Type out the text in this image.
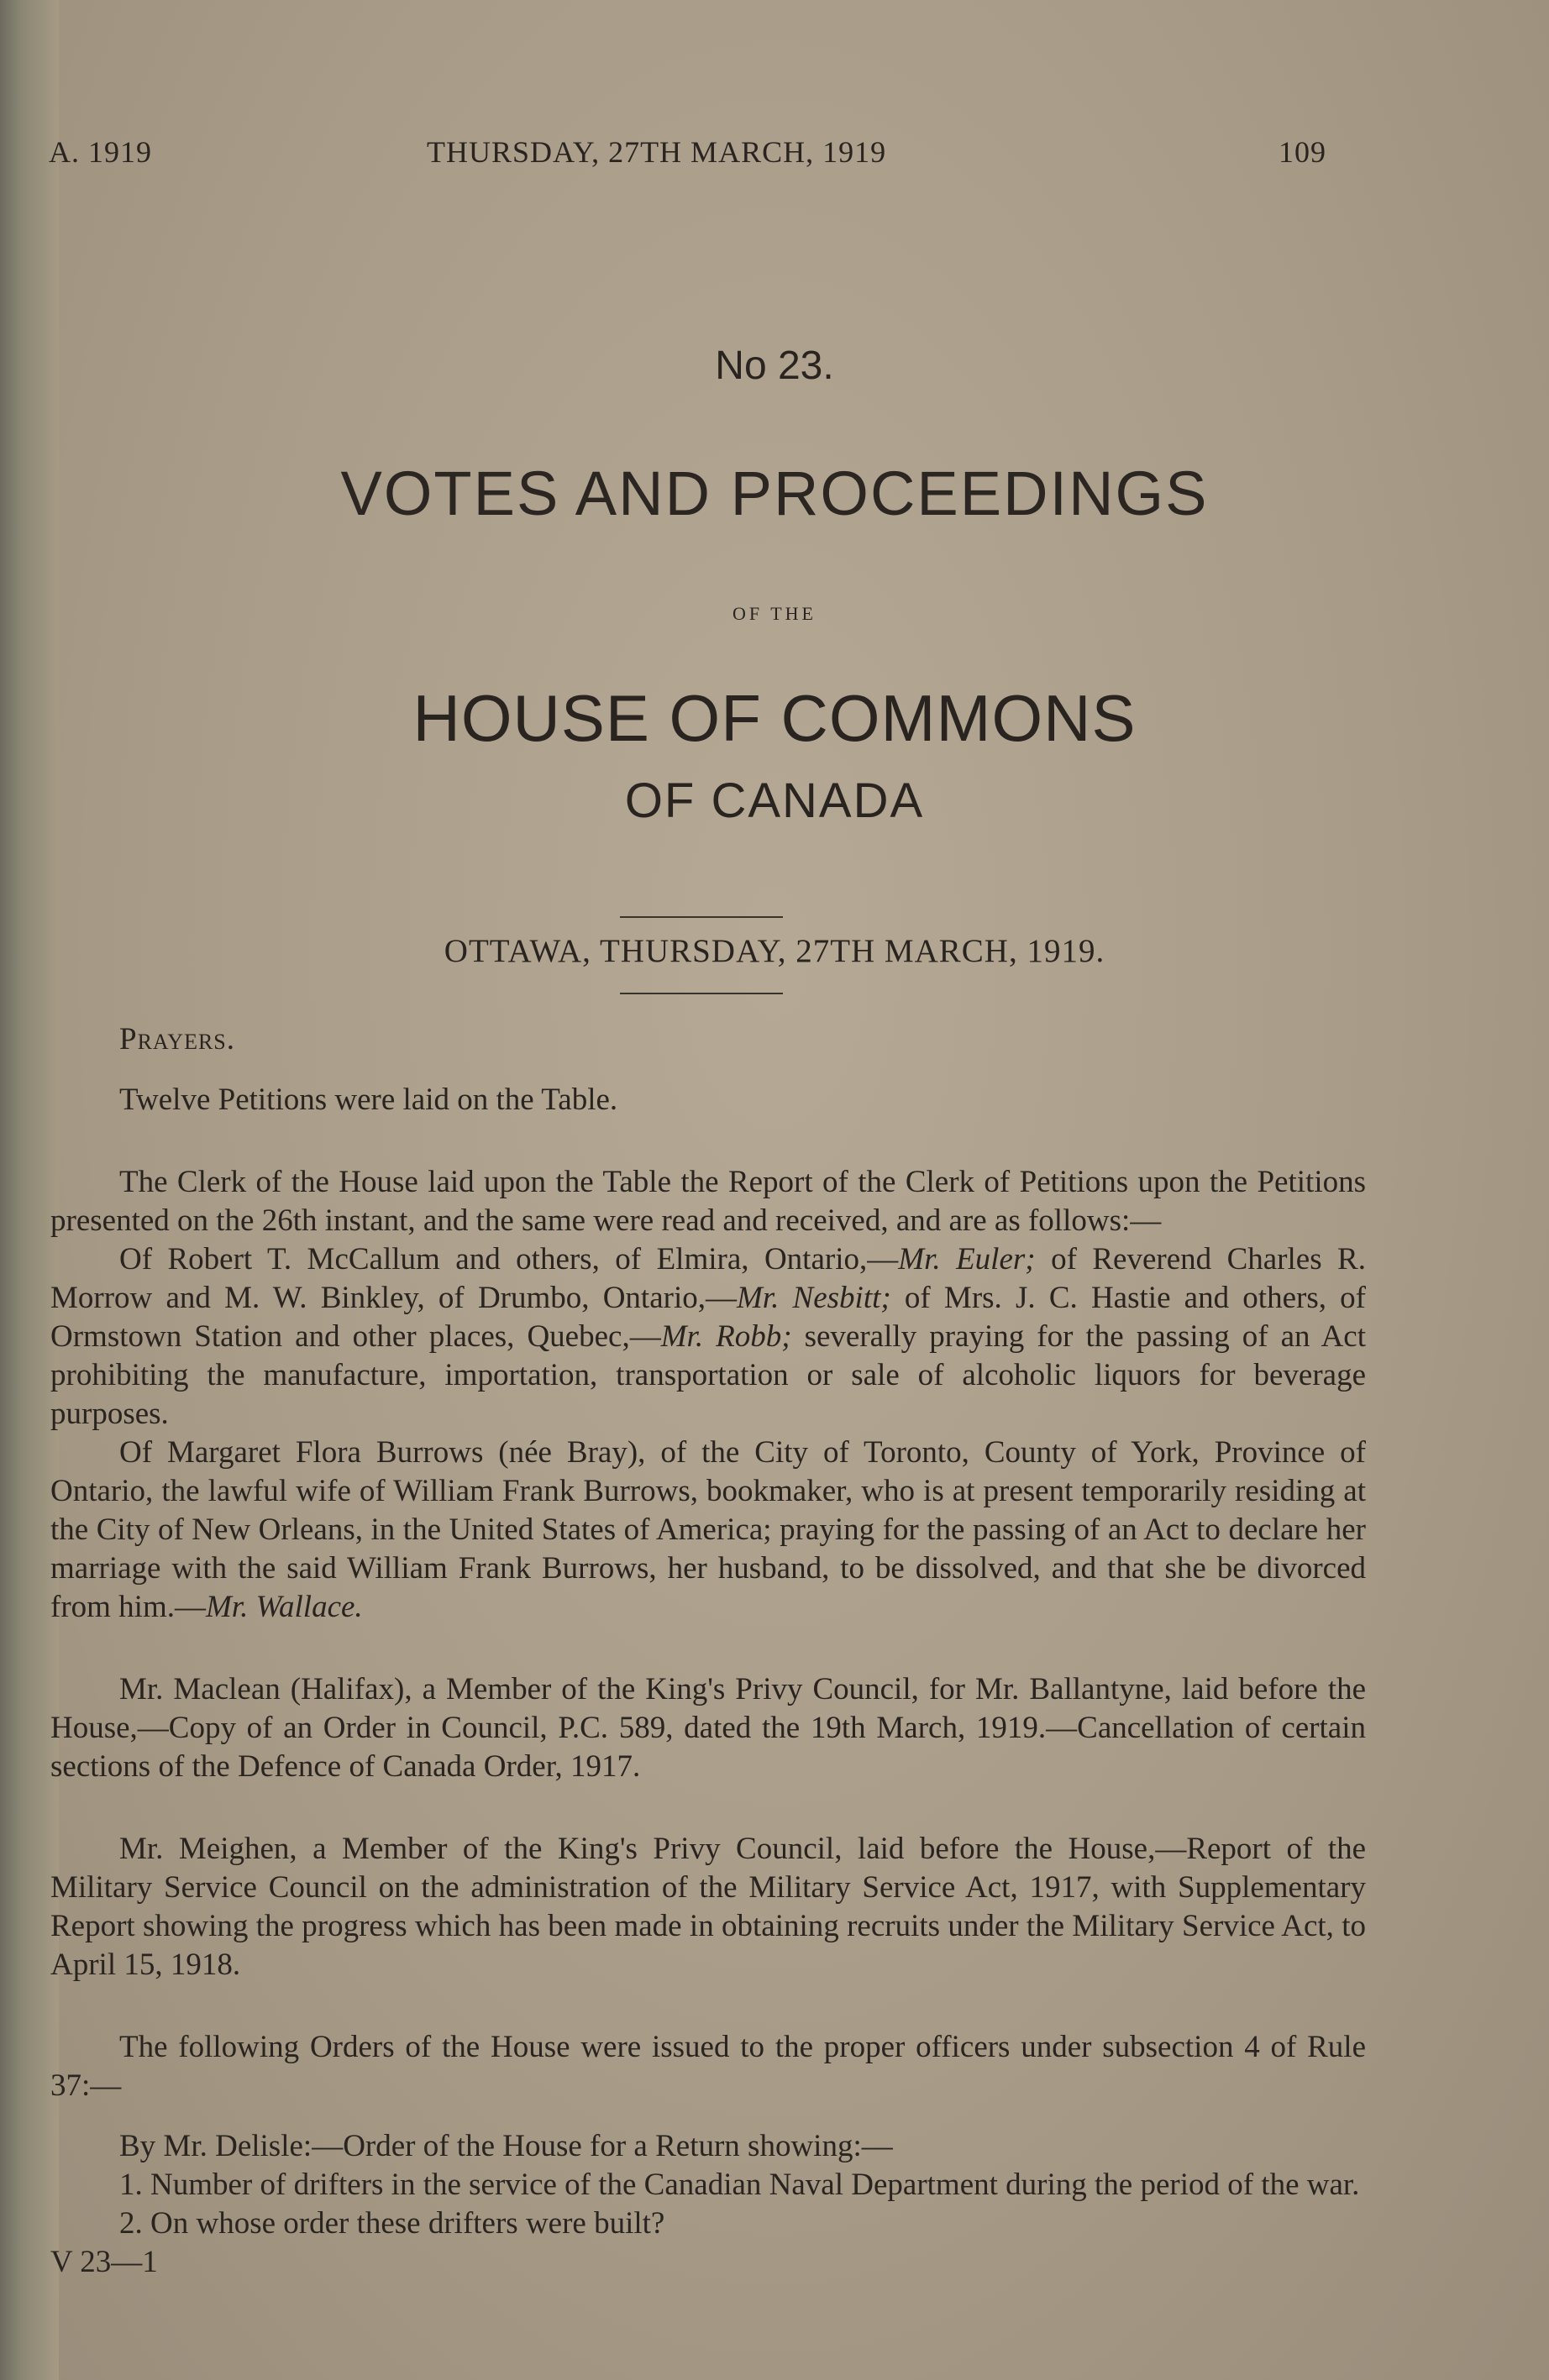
A. 1919	THURSDAY, 27TH MARCH, 1919	109
No 23.
VOTES AND PROCEEDINGS
OF THE
HOUSE OF COMMONS
OF CANADA
OTTAWA, THURSDAY, 27TH MARCH, 1919.

Prayers.

Twelve Petitions were laid on the Table.

The Clerk of the House laid upon the Table the Report of the Clerk of Petitions upon the Petitions presented on the 26th instant, and the same were read and received, and are as follows:—

Of Robert T. McCallum and others, of Elmira, Ontario,—Mr. Euler; of Reverend Charles R. Morrow and M. W. Binkley, of Drumbo, Ontario,—Mr. Nesbitt; of Mrs. J. C. Hastie and others, of Ormstown Station and other places, Quebec,—Mr. Robb; severally praying for the passing of an Act prohibiting the manufacture, importation, transportation or sale of alcoholic liquors for beverage purposes.

Of Margaret Flora Burrows (née Bray), of the City of Toronto, County of York, Province of Ontario, the lawful wife of William Frank Burrows, bookmaker, who is at present temporarily residing at the City of New Orleans, in the United States of America; praying for the passing of an Act to declare her marriage with the said William Frank Burrows, her husband, to be dissolved, and that she be divorced from him.—Mr. Wallace.

Mr. Maclean (Halifax), a Member of the King's Privy Council, for Mr. Ballantyne, laid before the House,—Copy of an Order in Council, P.C. 589, dated the 19th March, 1919.—Cancellation of certain sections of the Defence of Canada Order, 1917.

Mr. Meighen, a Member of the King's Privy Council, laid before the House,—Report of the Military Service Council on the administration of the Military Service Act, 1917, with Supplementary Report showing the progress which has been made in obtaining recruits under the Military Service Act, to April 15, 1918.

The following Orders of the House were issued to the proper officers under subsection 4 of Rule 37:—

By Mr. Delisle:—Order of the House for a Return showing:—

1. Number of drifters in the service of the Canadian Naval Department during the period of the war.

2. On whose order these drifters were built?

V 23—1
